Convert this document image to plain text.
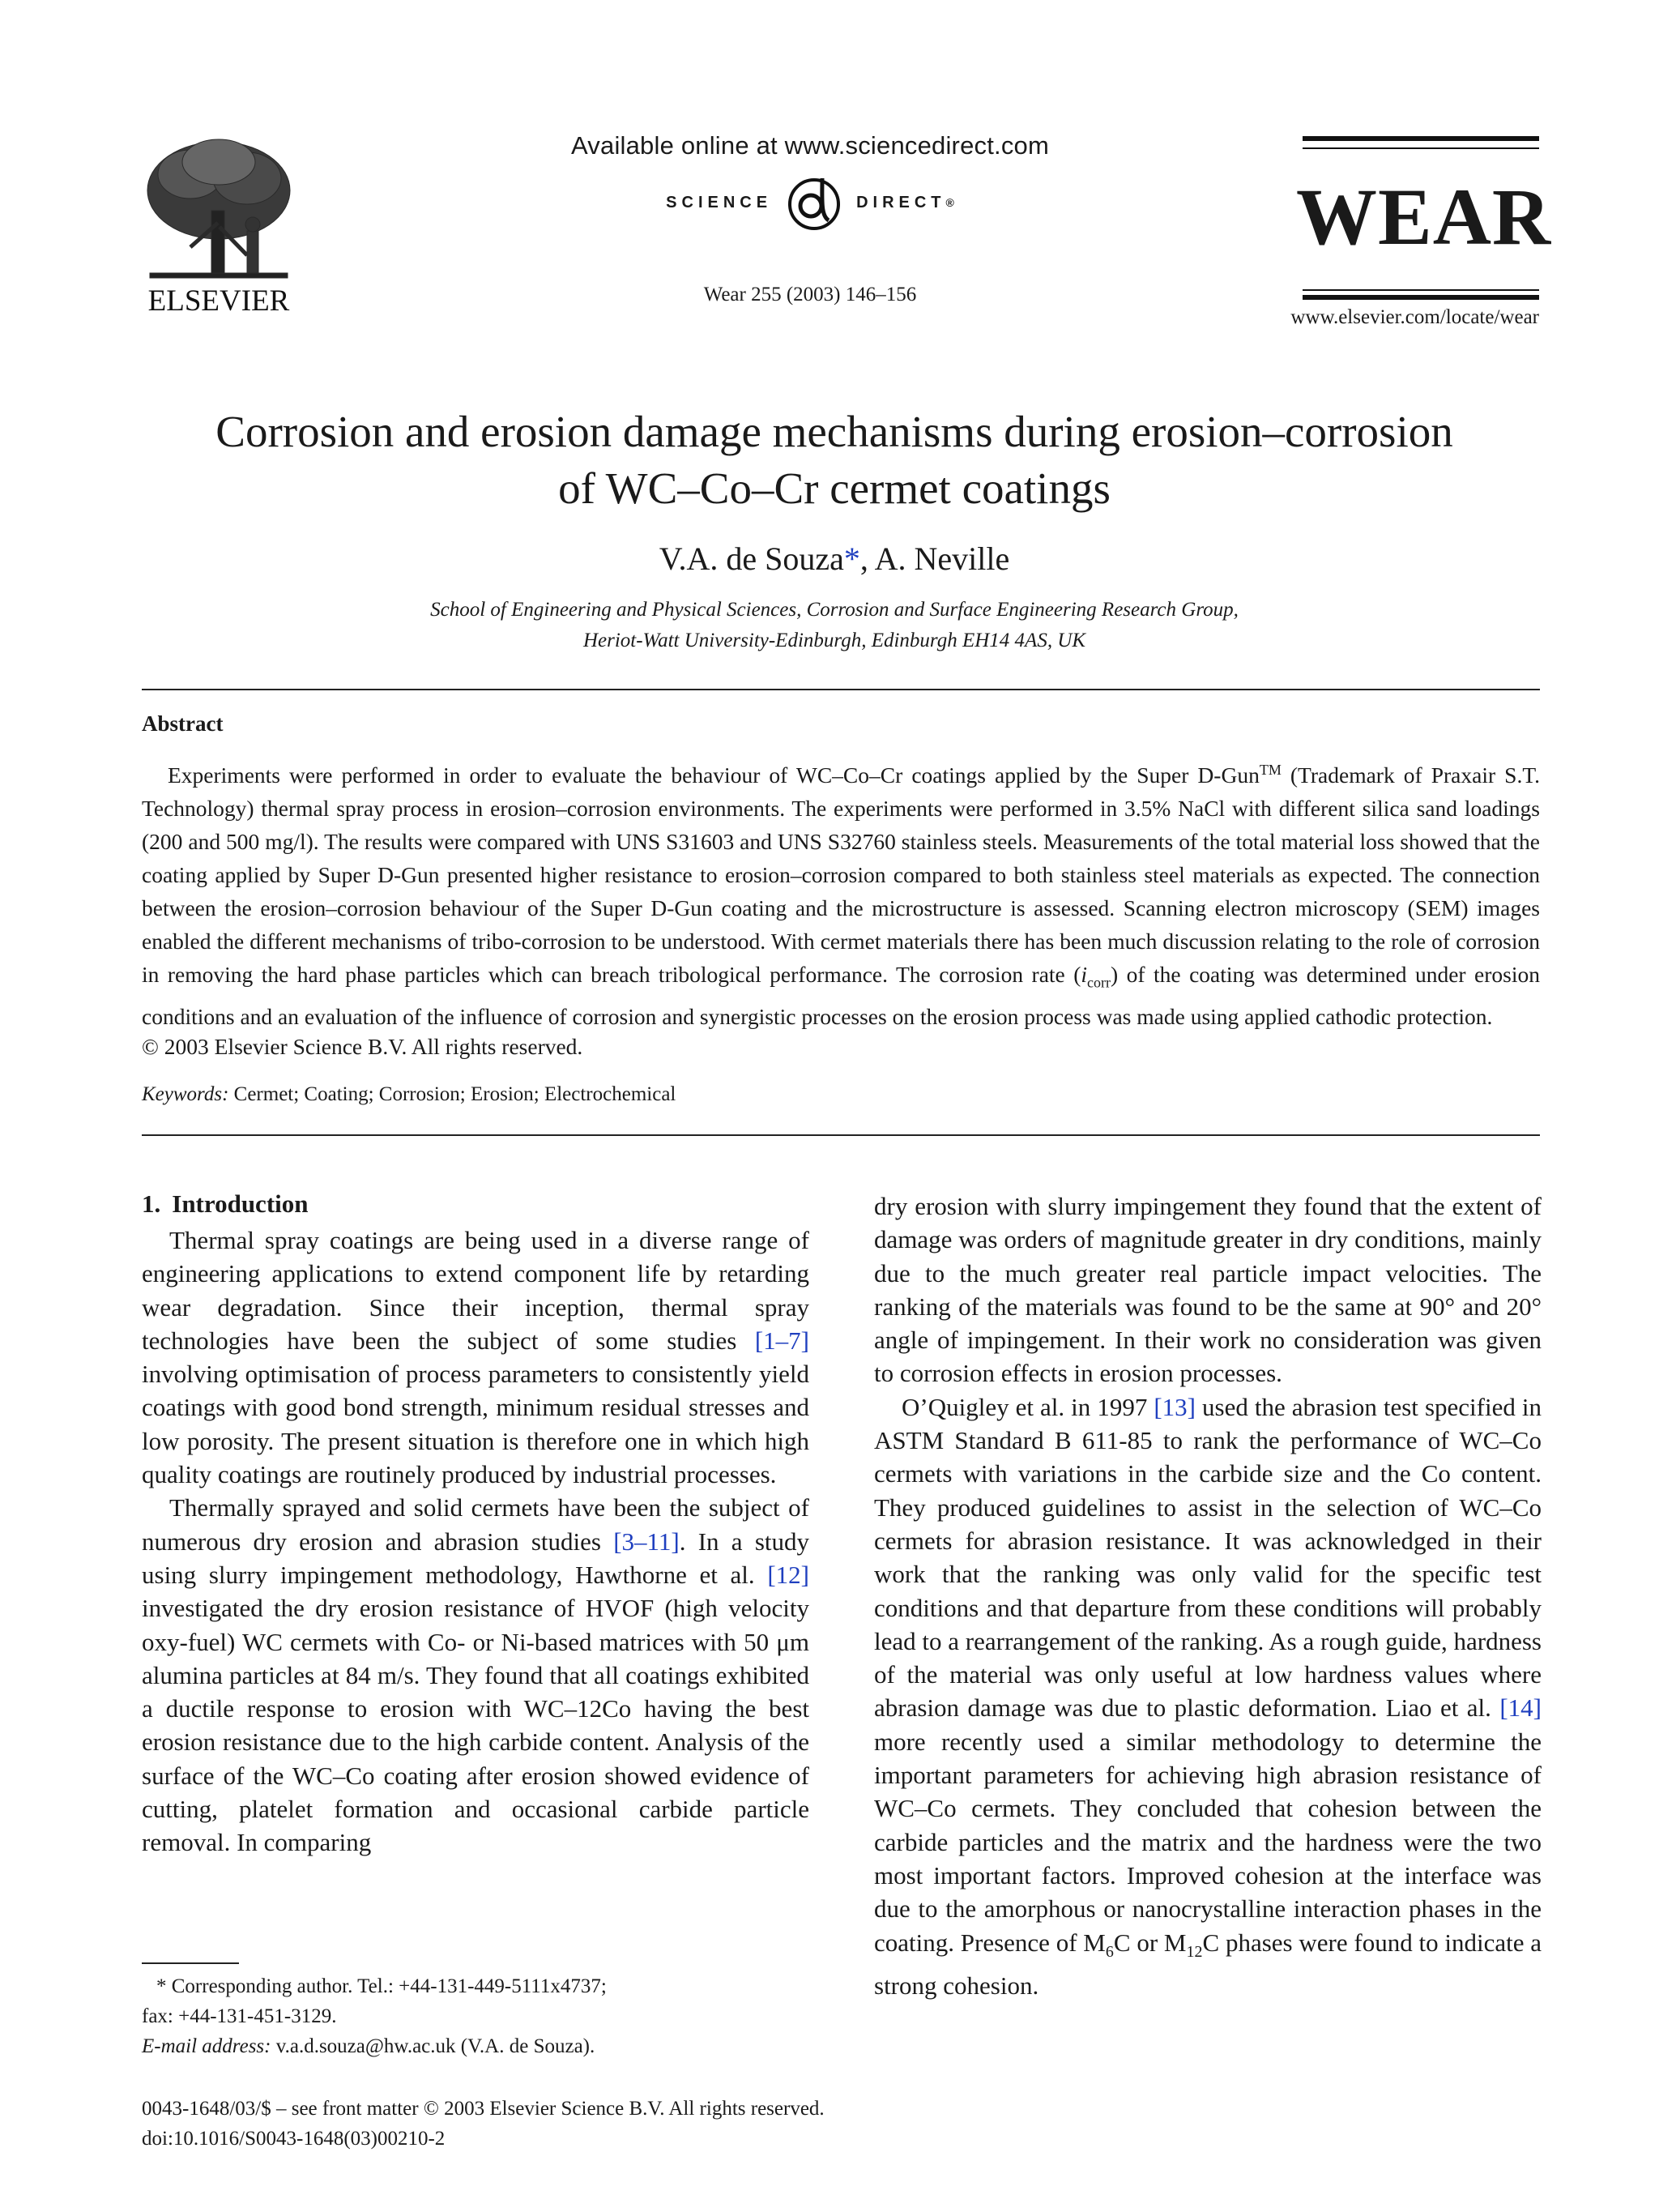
ELSEVIER
Available online at www.sciencedirect.com
SCIENCE	DIRECT ®
Wear 255 (2003) 146–156
WEAR
www.elsevier.com/locate/wear
Corrosion and erosion damage mechanisms during erosion–corrosion
of WC–Co–Cr cermet coatings
V.A. de Souza*, A. Neville
School of Engineering and Physical Sciences, Corrosion and Surface Engineering Research Group,
Heriot-Watt University-Edinburgh, Edinburgh EH14 4AS, UK
Abstract

Experiments were performed in order to evaluate the behaviour of WC–Co–Cr coatings applied by the Super D-Gun™ (Trademark of Praxair S.T. Technology) thermal spray process in erosion–corrosion environments. The experiments were performed in 3.5% NaCl with different silica sand loadings (200 and 500 mg/l). The results were compared with UNS S31603 and UNS S32760 stainless steels. Measurements of the total material loss showed that the coating applied by Super D-Gun presented higher resistance to erosion–corrosion compared to both stainless steel materials as expected. The connection between the erosion–corrosion behaviour of the Super D-Gun coating and the microstructure is assessed. Scanning electron microscopy (SEM) images enabled the different mechanisms of tribo-corrosion to be understood. With cermet materials there has been much discussion relating to the role of corrosion in removing the hard phase particles which can breach tribological performance. The corrosion rate $(i_{corr})$ of the coating was determined under erosion conditions and an evaluation of the influence of corrosion and synergistic processes on the erosion process was made using applied cathodic protection.

© 2003 Elsevier Science B.V. All rights reserved.
Keywords: Cermet; Coating; Corrosion; Erosion; Electrochemical
1. Introduction

Thermal spray coatings are being used in a diverse range of engineering applications to extend component life by retarding wear degradation. Since their inception, thermal spray technologies have been the subject of some studies [1–7] involving optimisation of process parameters to consistently yield coatings with good bond strength, minimum residual stresses and low porosity. The present situation is therefore one in which high quality coatings are routinely produced by industrial processes.

Thermally sprayed and solid cermets have been the subject of numerous dry erosion and abrasion studies [3–11]. In a study using slurry impingement methodology, Hawthorne et al. [12] investigated the dry erosion resistance of HVOF (high velocity oxy-fuel) WC cermets with Co- or Ni-based matrices with 50 μm alumina particles at 84 m/s. They found that all coatings exhibited a ductile response to erosion with WC–12Co having the best erosion resistance due to the high carbide content. Analysis of the surface of the WC–Co coating after erosion showed evidence of cutting, platelet formation and occasional carbide particle removal. In comparing

dry erosion with slurry impingement they found that the extent of damage was orders of magnitude greater in dry conditions, mainly due to the much greater real particle impact velocities. The ranking of the materials was found to be the same at 90° and 20° angle of impingement. In their work no consideration was given to corrosion effects in erosion processes.

O’Quigley et al. in 1997 [13] used the abrasion test specified in ASTM Standard B 611-85 to rank the performance of WC–Co cermets with variations in the carbide size and the Co content. They produced guidelines to assist in the selection of WC–Co cermets for abrasion resistance. It was acknowledged in their work that the ranking was only valid for the specific test conditions and that departure from these conditions will probably lead to a rearrangement of the ranking. As a rough guide, hardness of the material was only useful at low hardness values where abrasion damage was due to plastic deformation. Liao et al. [14] more recently used a similar methodology to determine the important parameters for achieving high abrasion resistance of WC–Co cermets. They concluded that cohesion between the carbide particles and the matrix and the hardness were the two most important factors. Improved cohesion at the interface was due to the amorphous or nanocrystalline interaction phases in the coating. Presence of $M_6C$ or $M_{12}C$ phases were found to indicate a strong cohesion.

* Corresponding author. Tel.: +44-131-449-5111x4737;
fax: +44-131-451-3129.
E-mail address: v.a.d.souza@hw.ac.uk (V.A. de Souza).
0043-1648/03/$ – see front matter © 2003 Elsevier Science B.V. All rights reserved.
doi:10.1016/S0043-1648(03)00210-2
